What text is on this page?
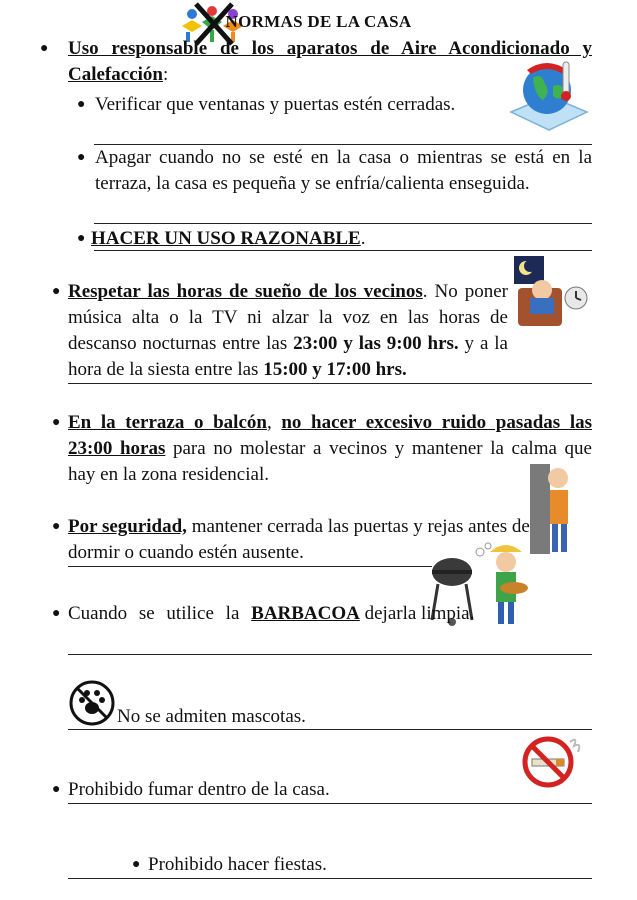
NORMAS DE LA CASA
● Uso responsable de los aparatos de Aire Acondicionado y Calefacción:
● Verificar que ventanas y puertas estén cerradas.
● Apagar cuando no se esté en la casa o mientras se está en la terraza, la casa es pequeña y se enfría/calienta enseguida.
● HACER UN USO RAZONABLE.
● Respetar las horas de sueño de los vecinos. No poner música alta o la TV ni alzar la voz en las horas de descanso nocturnas entre las 23:00 y las 9:00 hrs. y a la hora de la siesta entre las 15:00 y 17:00 hrs.
● En la terraza o balcón, no hacer excesivo ruido pasadas las 23:00 horas para no molestar a vecinos y mantener la calma que hay en la zona residencial.
● Por seguridad, mantener cerrada las puertas y rejas antes de dormir o cuando estén ausente.
● Cuando se utilice la BARBACOA dejarla limpia.
No se admiten mascotas.
● Prohibido fumar dentro de la casa.
● Prohibido hacer fiestas.
